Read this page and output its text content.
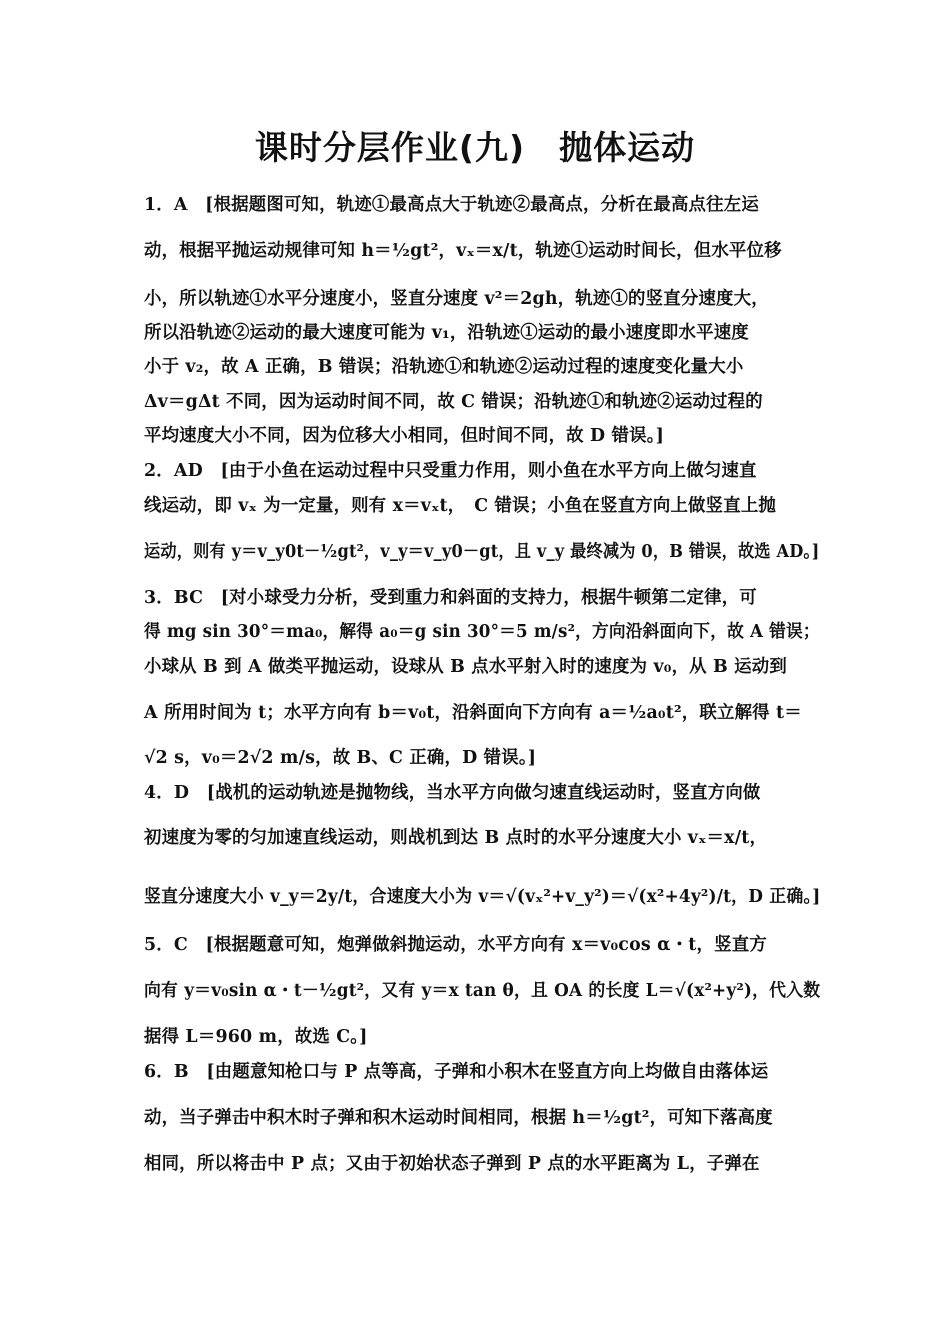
课时分层作业(九) 抛体运动
1．A　[根据题图可知，轨迹①最高点大于轨迹②最高点，分析在最高点往左运
动，根据平抛运动规律可知 h＝½gt²，vₓ＝x/t，轨迹①运动时间长，但水平位移
小，所以轨迹①水平分速度小，竖直分速度 v²＝2gh，轨迹①的竖直分速度大，
所以沿轨迹②运动的最大速度可能为 v₁，沿轨迹①运动的最小速度即水平速度
小于 v₂，故 A 正确，B 错误；沿轨迹①和轨迹②运动过程的速度变化量大小
Δv＝gΔt 不同，因为运动时间不同，故 C 错误；沿轨迹①和轨迹②运动过程的
平均速度大小不同，因为位移大小相同，但时间不同，故 D 错误。]
2．AD　[由于小鱼在运动过程中只受重力作用，则小鱼在水平方向上做匀速直
线运动，即 vₓ 为一定量，则有 x＝vₓt，　C 错误；小鱼在竖直方向上做竖直上抛
运动，则有 y＝v_y0t－½gt²，v_y＝v_y0－gt，且 v_y 最终减为 0，B 错误，故选 AD。]
3．BC　[对小球受力分析，受到重力和斜面的支持力，根据牛顿第二定律，可
得 mg sin 30°＝ma₀，解得 a₀＝g sin 30°＝5 m/s²，方向沿斜面向下，故 A 错误；
小球从 B 到 A 做类平抛运动，设球从 B 点水平射入时的速度为 v₀，从 B 运动到
A 所用时间为 t；水平方向有 b＝v₀t，沿斜面向下方向有 a＝½a₀t²，联立解得 t＝
√2 s，v₀＝2√2 m/s，故 B、C 正确，D 错误。]
4．D　[战机的运动轨迹是抛物线，当水平方向做匀速直线运动时，竖直方向做
初速度为零的匀加速直线运动，则战机到达 B 点时的水平分速度大小 vₓ＝x/t，
竖直分速度大小 v_y＝2y/t，合速度大小为 v＝√(vₓ²+v_y²)＝√(x²+4y²)/t，D 正确。]
5．C　[根据题意可知，炮弹做斜抛运动，水平方向有 x＝v₀cos α・t，竖直方
向有 y＝v₀sin α・t－½gt²，又有 y＝x tan θ，且 OA 的长度 L＝√(x²+y²)，代入数
据得 L＝960 m，故选 C。]
6．B　[由题意知枪口与 P 点等高，子弹和小积木在竖直方向上均做自由落体运
动，当子弹击中积木时子弹和积木运动时间相同，根据 h＝½gt²，可知下落高度
相同，所以将击中 P 点；又由于初始状态子弹到 P 点的水平距离为 L，子弹在
